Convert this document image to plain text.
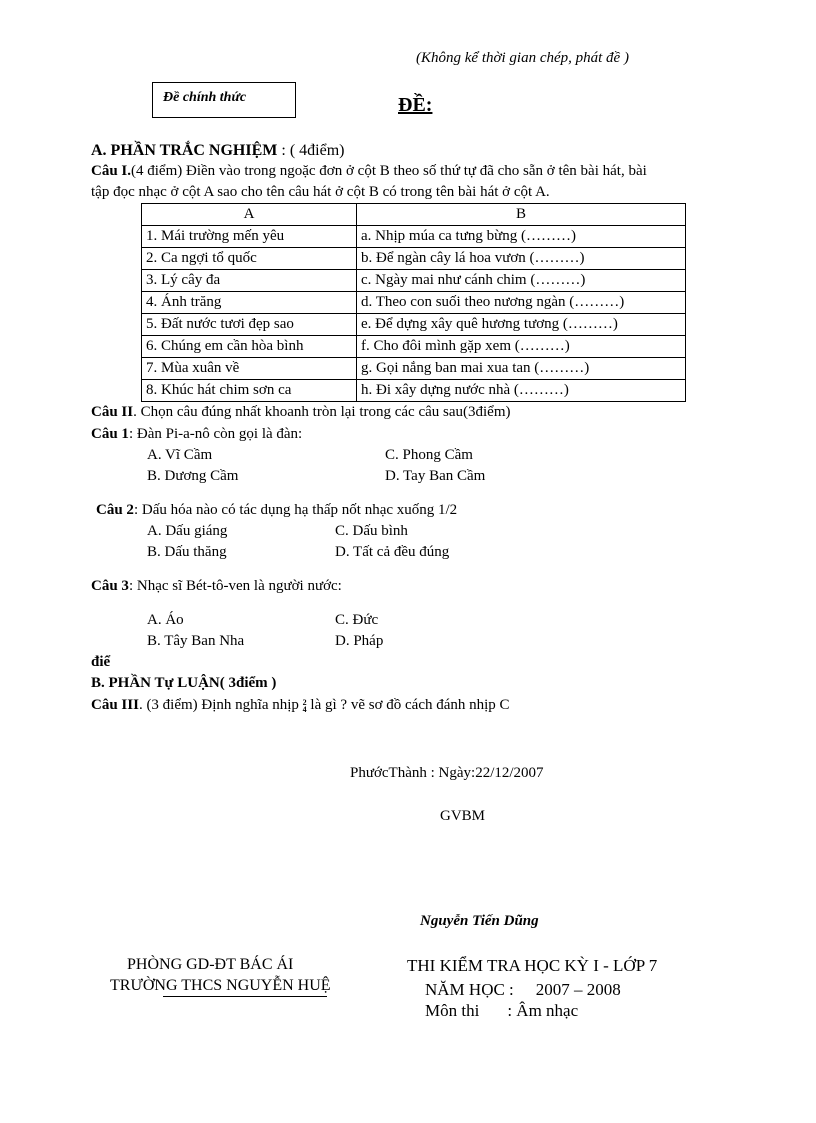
(Không kể thời gian chép, phát đề )
Đề chính thức	ĐỀ:
A. PHẦN TRẮC NGHIỆM : ( 4điểm)
Câu I.(4 điểm) Điền vào trong ngoặc đơn ở cột B theo số thứ tự đã cho sẵn ở tên bài hát, bài
tập đọc nhạc ở cột A sao cho tên câu hát ở cột B có trong tên bài hát ở cột A.
A	B
1. Mái trường mến yêu	a. Nhịp múa ca tưng bừng (………)
2. Ca ngợi tổ quốc	b. Để ngàn cây lá hoa vươn (………)
3. Lý cây đa	c. Ngày mai như cánh chim (………)
4. Ánh trăng	d. Theo con suối theo nương ngàn (………)
5. Đất nước tươi đẹp sao	e. Để dựng xây quê hương tương (………)
6. Chúng em cần hòa bình	f. Cho đôi mình gặp xem (………)
7. Mùa xuân về	g. Gọi nắng ban mai xua tan (………)
8. Khúc hát chim sơn ca	h. Đi xây dựng nước nhà (………)
Câu II. Chọn câu đúng nhất khoanh tròn lại trong các câu sau(3điểm)
Câu 1: Đàn Pi-a-nô còn gọi là đàn:
A. Vĩ Cầm	C. Phong Cầm
B. Dương Cầm	D. Tay Ban Cầm
Câu 2: Dấu hóa nào có tác dụng hạ thấp nốt nhạc xuống 1/2
A. Dấu giáng	C. Dấu bình
B. Dấu thăng	D. Tất cả đều đúng
Câu 3: Nhạc sĩ Bét-tô-ven là người nước:
A. Áo	C. Đức
B. Tây Ban Nha	D. Pháp
điể
B. PHẦN Tự LUẬN( 3điểm )
Câu III. (3 điểm) Định nghĩa nhịp 2
4 là gì ? vẽ sơ đồ cách đánh nhịp C
PhướcThành : Ngày:22/12/2007
GVBM
Nguyễn Tiến Dũng
PHÒNG GD-ĐT BÁC ÁI
TRƯỜNG THCS NGUYỄN HUỆ
THI KIỂM TRA HỌC KỲ I - LỚP 7
NĂM HỌC : 2007 – 2008
Môn thi : Âm nhạc
